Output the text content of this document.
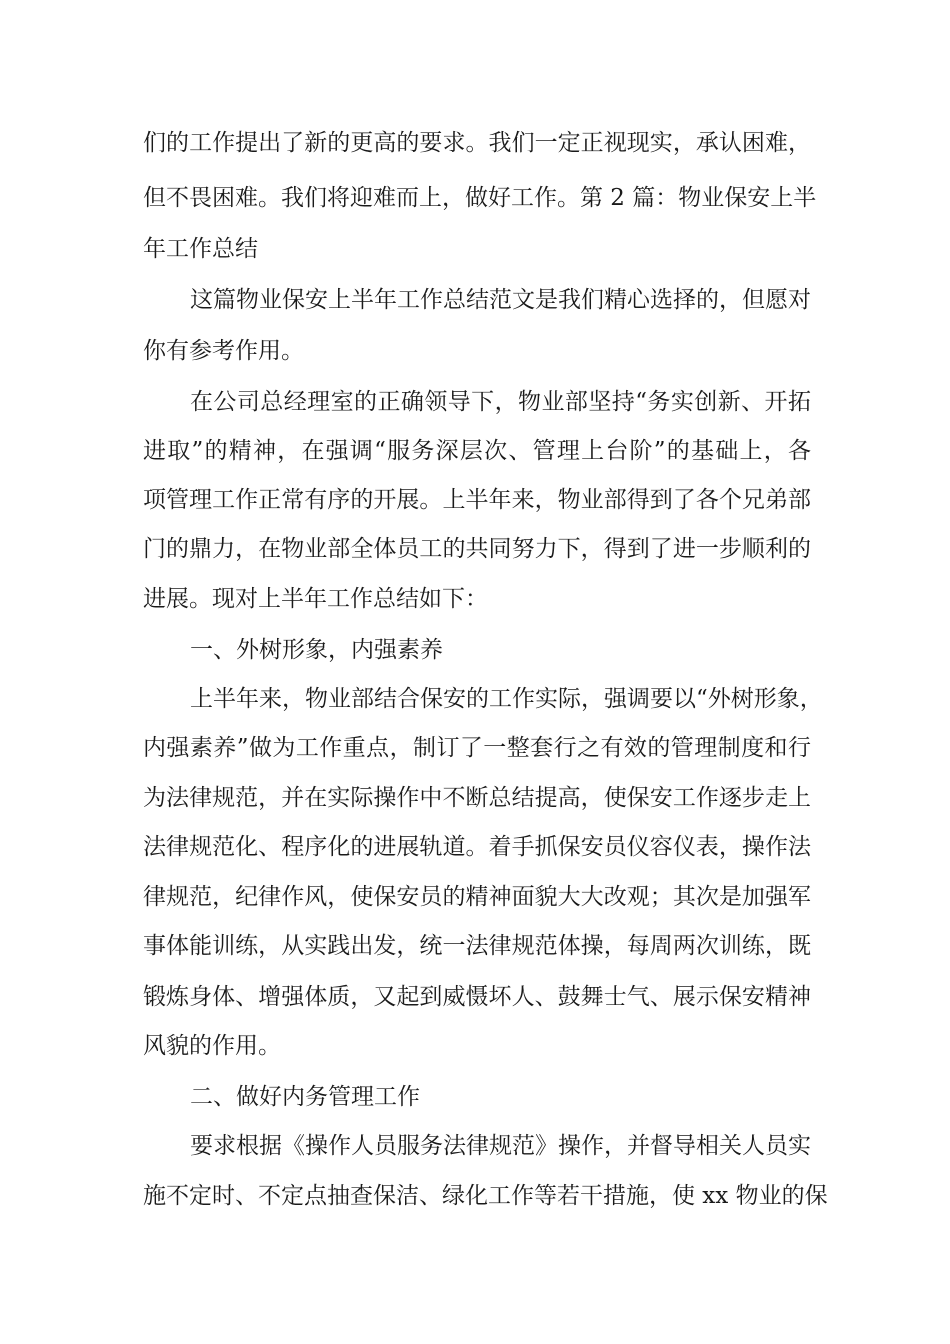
们的工作提出了新的更高的要求。我们一定正视现实，承认困难，
但不畏困难。我们将迎难而上，做好工作。第 2 篇：物业保安上半
年工作总结
这篇物业保安上半年工作总结范文是我们精心选择的，但愿对
你有参考作用。
在公司总经理室的正确领导下，物业部坚持“务实创新、开拓
进取”的精神，在强调“服务深层次、管理上台阶”的基础上，各
项管理工作正常有序的开展。上半年来，物业部得到了各个兄弟部
门的鼎力，在物业部全体员工的共同努力下，得到了进一步顺利的
进展。现对上半年工作总结如下：
一、外树形象，内强素养
上半年来，物业部结合保安的工作实际，强调要以“外树形象，
内强素养”做为工作重点，制订了一整套行之有效的管理制度和行
为法律规范，并在实际操作中不断总结提高，使保安工作逐步走上
法律规范化、程序化的进展轨道。着手抓保安员仪容仪表，操作法
律规范，纪律作风，使保安员的精神面貌大大改观；其次是加强军
事体能训练，从实践出发，统一法律规范体操，每周两次训练，既
锻炼身体、增强体质，又起到威慑坏人、鼓舞士气、展示保安精神
风貌的作用。
二、做好内务管理工作
要求根据《操作人员服务法律规范》操作，并督导相关人员实
施不定时、不定点抽查保洁、绿化工作等若干措施，使 xx 物业的保
